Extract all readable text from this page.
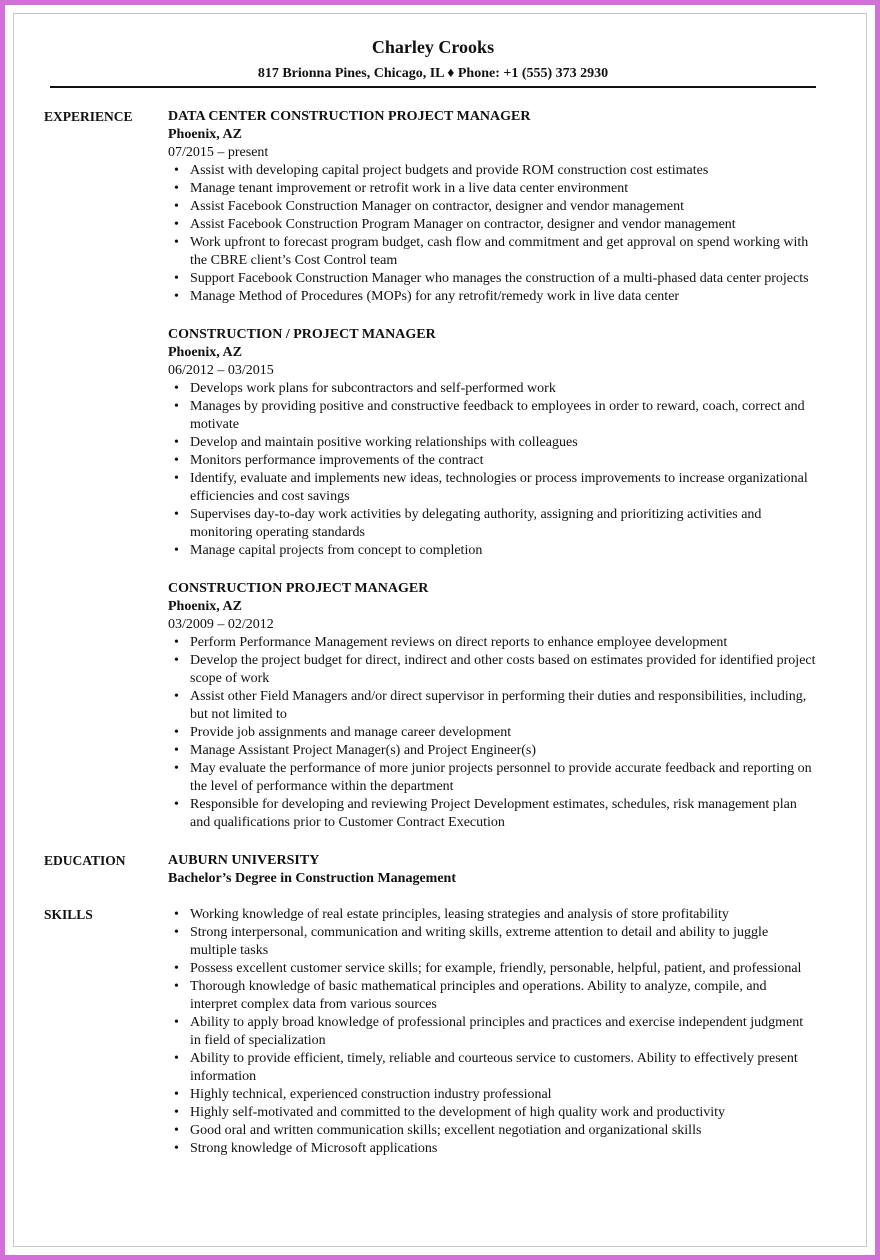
Charley Crooks
817 Brionna Pines, Chicago, IL ♦ Phone: +1 (555) 373 2930
EXPERIENCE	DATA CENTER CONSTRUCTION PROJECT MANAGER
Phoenix, AZ
07/2015 – present
• Assist with developing capital project budgets and provide ROM construction cost estimates
• Manage tenant improvement or retrofit work in a live data center environment
• Assist Facebook Construction Manager on contractor, designer and vendor management
• Assist Facebook Construction Program Manager on contractor, designer and vendor management
• Work upfront to forecast program budget, cash flow and commitment and get approval on spend working with the CBRE client’s Cost Control team
• Support Facebook Construction Manager who manages the construction of a multi-phased data center projects
• Manage Method of Procedures (MOPs) for any retrofit/remedy work in live data center
CONSTRUCTION / PROJECT MANAGER
Phoenix, AZ
06/2012 – 03/2015
• Develops work plans for subcontractors and self-performed work
• Manages by providing positive and constructive feedback to employees in order to reward, coach, correct and motivate
• Develop and maintain positive working relationships with colleagues
• Monitors performance improvements of the contract
• Identify, evaluate and implements new ideas, technologies or process improvements to increase organizational efficiencies and cost savings
• Supervises day-to-day work activities by delegating authority, assigning and prioritizing activities and monitoring operating standards
• Manage capital projects from concept to completion
CONSTRUCTION PROJECT MANAGER
Phoenix, AZ
03/2009 – 02/2012
• Perform Performance Management reviews on direct reports to enhance employee development
• Develop the project budget for direct, indirect and other costs based on estimates provided for identified project scope of work
• Assist other Field Managers and/or direct supervisor in performing their duties and responsibilities, including, but not limited to
• Provide job assignments and manage career development
• Manage Assistant Project Manager(s) and Project Engineer(s)
• May evaluate the performance of more junior projects personnel to provide accurate feedback and reporting on the level of performance within the department
• Responsible for developing and reviewing Project Development estimates, schedules, risk management plan and qualifications prior to Customer Contract Execution
EDUCATION	AUBURN UNIVERSITY
Bachelor’s Degree in Construction Management
SKILLS	• Working knowledge of real estate principles, leasing strategies and analysis of store profitability
• Strong interpersonal, communication and writing skills, extreme attention to detail and ability to juggle multiple tasks
• Possess excellent customer service skills; for example, friendly, personable, helpful, patient, and professional
• Thorough knowledge of basic mathematical principles and operations. Ability to analyze, compile, and interpret complex data from various sources
• Ability to apply broad knowledge of professional principles and practices and exercise independent judgment in field of specialization
• Ability to provide efficient, timely, reliable and courteous service to customers. Ability to effectively present information
• Highly technical, experienced construction industry professional
• Highly self-motivated and committed to the development of high quality work and productivity
• Good oral and written communication skills; excellent negotiation and organizational skills
• Strong knowledge of Microsoft applications
